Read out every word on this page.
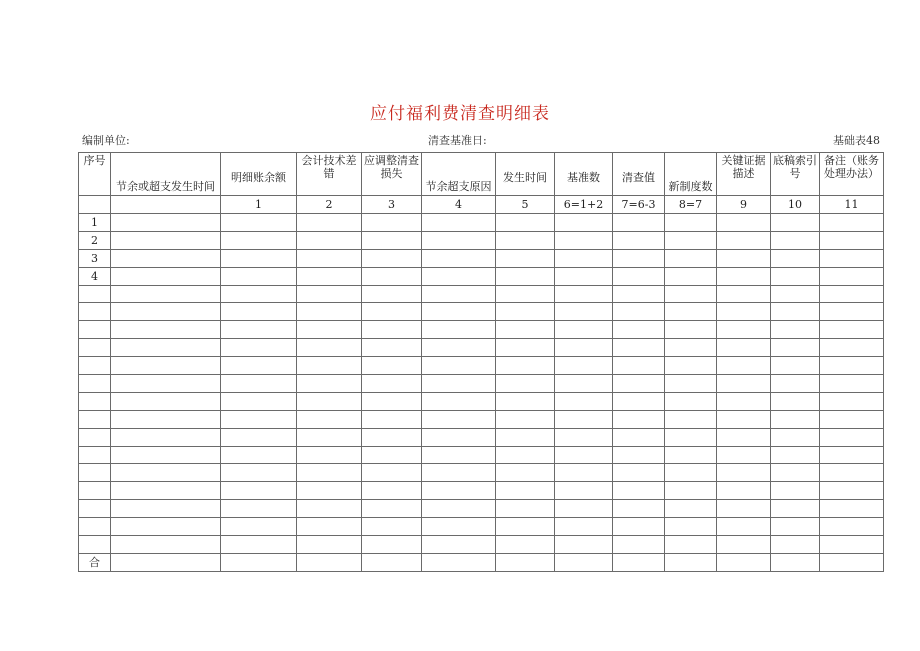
应付福利费清查明细表
编制单位:	清查基准日:	基础表48
序号	节余或超支发生时间	明细账余额	会计技术差错	应调整清查损失	节余超支原因	发生时间	基准数	清查值	新制度数	关键证据描述	底稿索引号	备注（账务处理办法）
		1	2	3	4	5	6=1+2	7=6-3	8=7	9	10	11
1												
2												
3												
4												

合												
